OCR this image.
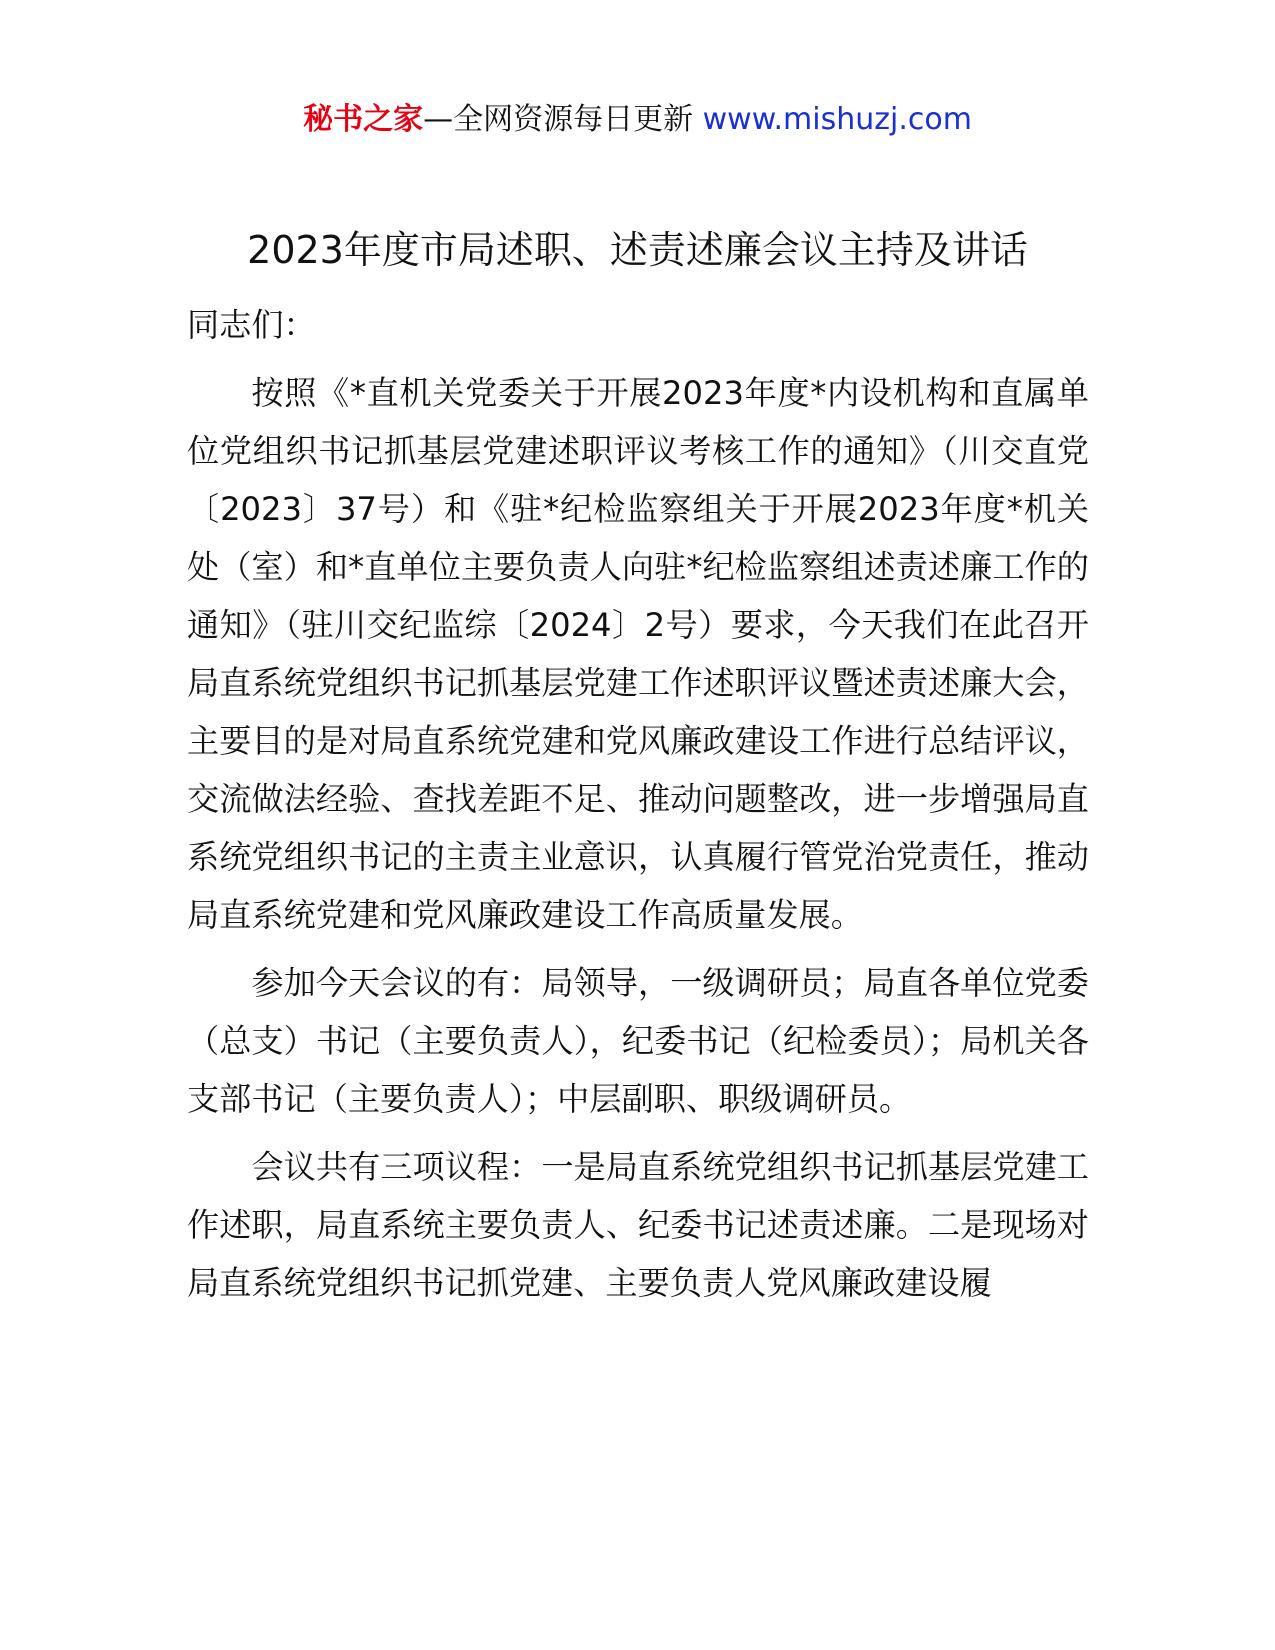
秘书之家—全网资源每日更新 www.mishuzj.com
2023年度市局述职、述责述廉会议主持及讲话

同志们：

按照《*直机关党委关于开展2023年度*内设机构和直属单位党组织书记抓基层党建述职评议考核工作的通知》（川交直党〔2023〕37号）和《驻*纪检监察组关于开展2023年度*机关处（室）和*直单位主要负责人向驻*纪检监察组述责述廉工作的通知》（驻川交纪监综〔2024〕2号）要求，今天我们在此召开局直系统党组织书记抓基层党建工作述职评议暨述责述廉大会，主要目的是对局直系统党建和党风廉政建设工作进行总结评议，交流做法经验、查找差距不足、推动问题整改，进一步增强局直系统党组织书记的主责主业意识，认真履行管党治党责任，推动局直系统党建和党风廉政建设工作高质量发展。

参加今天会议的有：局领导，一级调研员；局直各单位党委（总支）书记（主要负责人），纪委书记（纪检委员）；局机关各支部书记（主要负责人）；中层副职、职级调研员。

会议共有三项议程：一是局直系统党组织书记抓基层党建工作述职，局直系统主要负责人、纪委书记述责述廉。二是现场对局直系统党组织书记抓党建、主要负责人党风廉政建设履
